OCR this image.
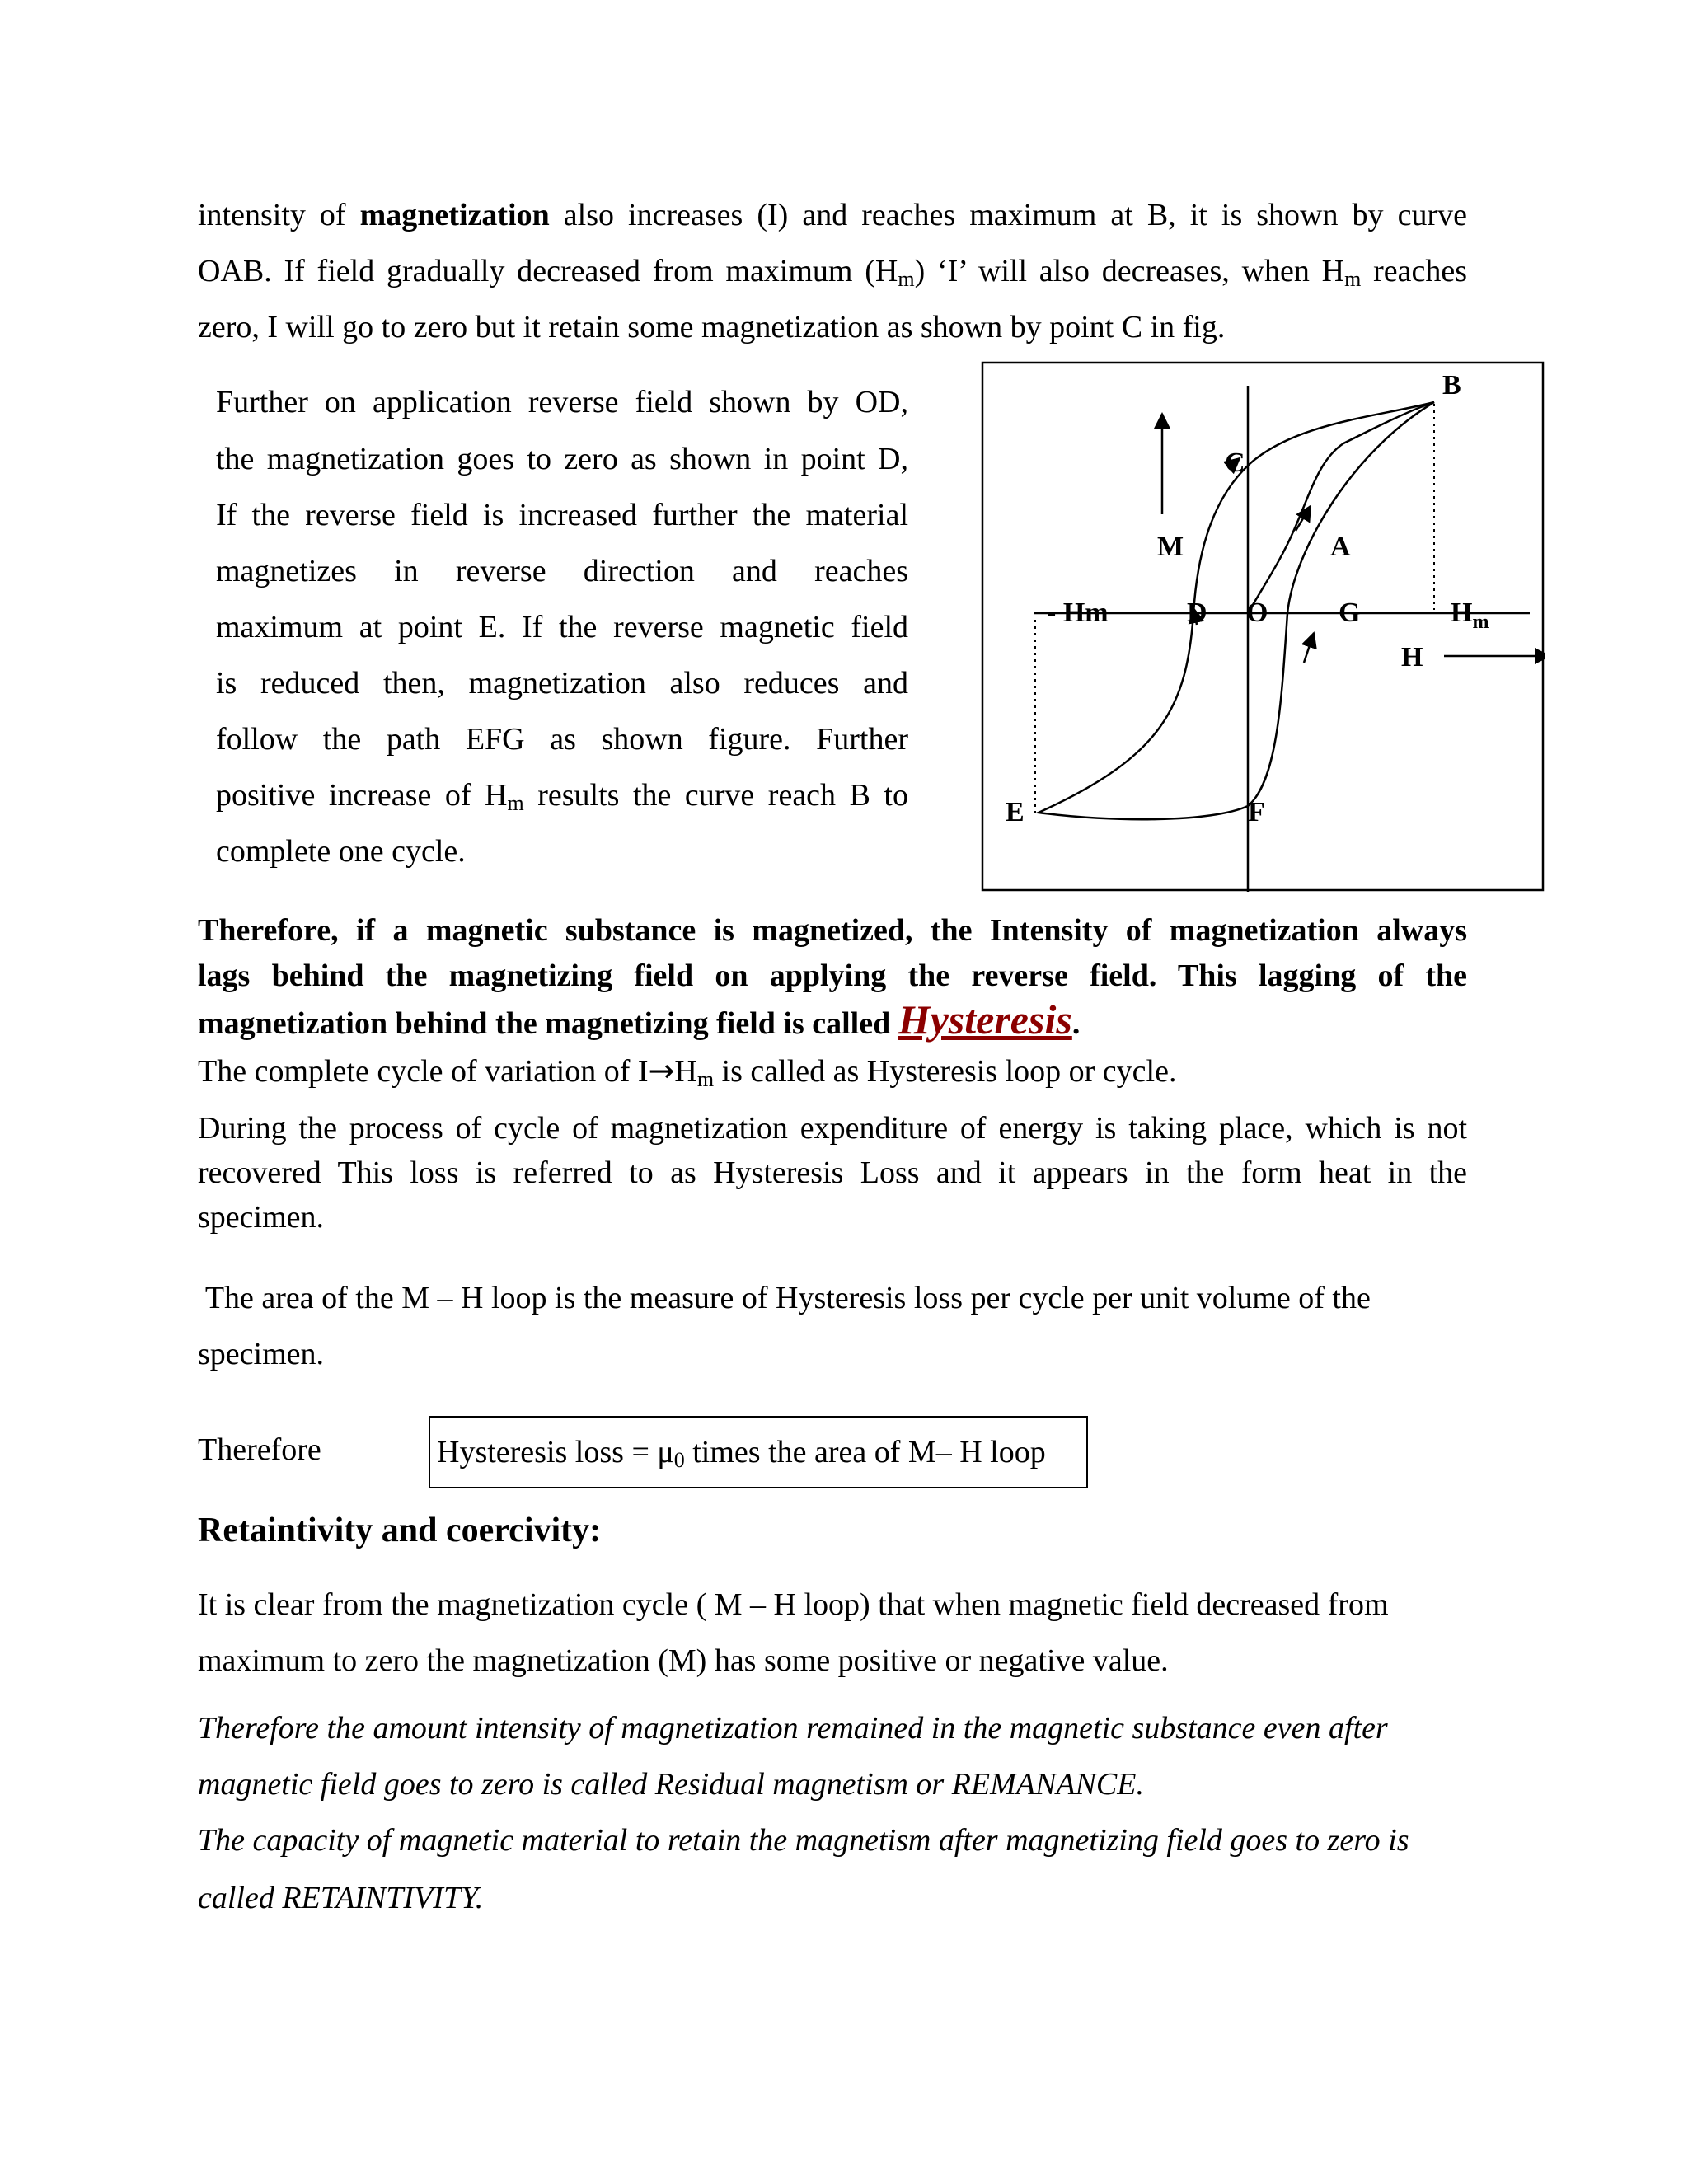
intensity of magnetization also increases (I) and reaches maximum at B, it is shown by curve
OAB. If field gradually decreased from maximum $(H_m)$ ‘I’ will also decreases, when $H_m$ reaches
zero, I will go to zero but it retain some magnetization as shown by point C in fig.
Further on application reverse field shown by OD,
the magnetization goes to zero as shown in point D,
If the reverse field is increased further the material
magnetizes in reverse direction and reaches
maximum at point E. If the reverse magnetic field
is reduced then, magnetization also reduces and
follow the path EFG as shown figure. Further
positive increase of $H_m$ results the curve reach B to
complete one cycle.
B
C
M	A
- Hm	D O	G	$H_m$
H
E	F
Therefore, if a magnetic substance is magnetized, the Intensity of magnetization always
lags behind the magnetizing field on applying the reverse field. This lagging of the
magnetization behind the magnetizing field is called Hysteresis.
The complete cycle of variation of $I\to H_m$ is called as Hysteresis loop or cycle.
During the process of cycle of magnetization expenditure of energy is taking place, which is not
recovered This loss is referred to as Hysteresis Loss and it appears in the form heat in the
specimen.
The area of the M – H loop is the measure of Hysteresis loss per cycle per unit volume of the
specimen.
Therefore	Hysteresis loss = $\mu_0$ times the area of M– H loop
Retaintivity and coercivity:
It is clear from the magnetization cycle ( M – H loop) that when magnetic field decreased from
maximum to zero the magnetization (M) has some positive or negative value.
Therefore the amount intensity of magnetization remained in the magnetic substance even after
magnetic field goes to zero is called Residual magnetism or REMANANCE.
The capacity of magnetic material to retain the magnetism after magnetizing field goes to zero is
called RETAINTIVITY.
